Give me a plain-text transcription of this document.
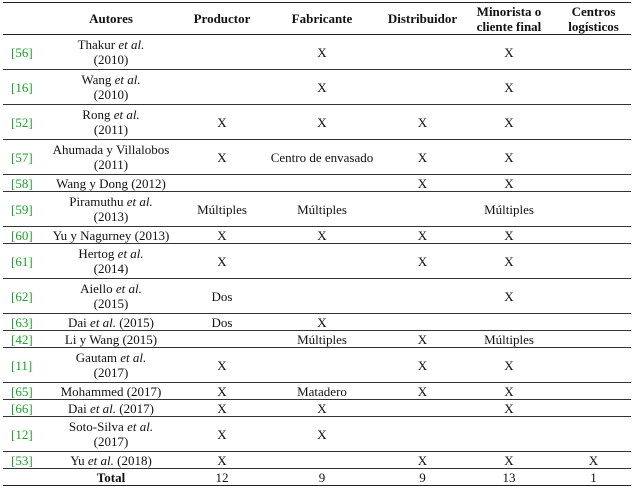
	Autores	Productor	Fabricante	Distribuidor	Minorista o
cliente final	Centros
logísticos
[56]	Thakur et al.
(2010)		X		X	
[16]	Wang et al.
(2010)		X		X	
[52]	Rong et al.
(2011)	X	X	X	X	
[57]	Ahumada y Villalobos
(2011)	X	Centro de envasado	X	X	
[58]	Wang y Dong (2012)			X	X	
[59]	Piramuthu et al.
(2013)	Múltiples	Múltiples		Múltiples	
[60]	Yu y Nagurney (2013)	X	X	X	X	
[61]	Hertog et al.
(2014)	X		X	X	
[62]	Aiello et al.
(2015)	Dos			X	
[63]	Dai et al. (2015)	Dos	X			
[42]	Li y Wang (2015)		Múltiples	X	Múltiples	
[11]	Gautam et al.
(2017)	X		X	X	
[65]	Mohammed (2017)	X	Matadero	X	X	
[66]	Dai et al. (2017)	X	X		X	
[12]	Soto-Silva et al.
(2017)	X	X			
[53]	Yu et al. (2018)	X		X	X	X
	Total	12	9	9	13	1
